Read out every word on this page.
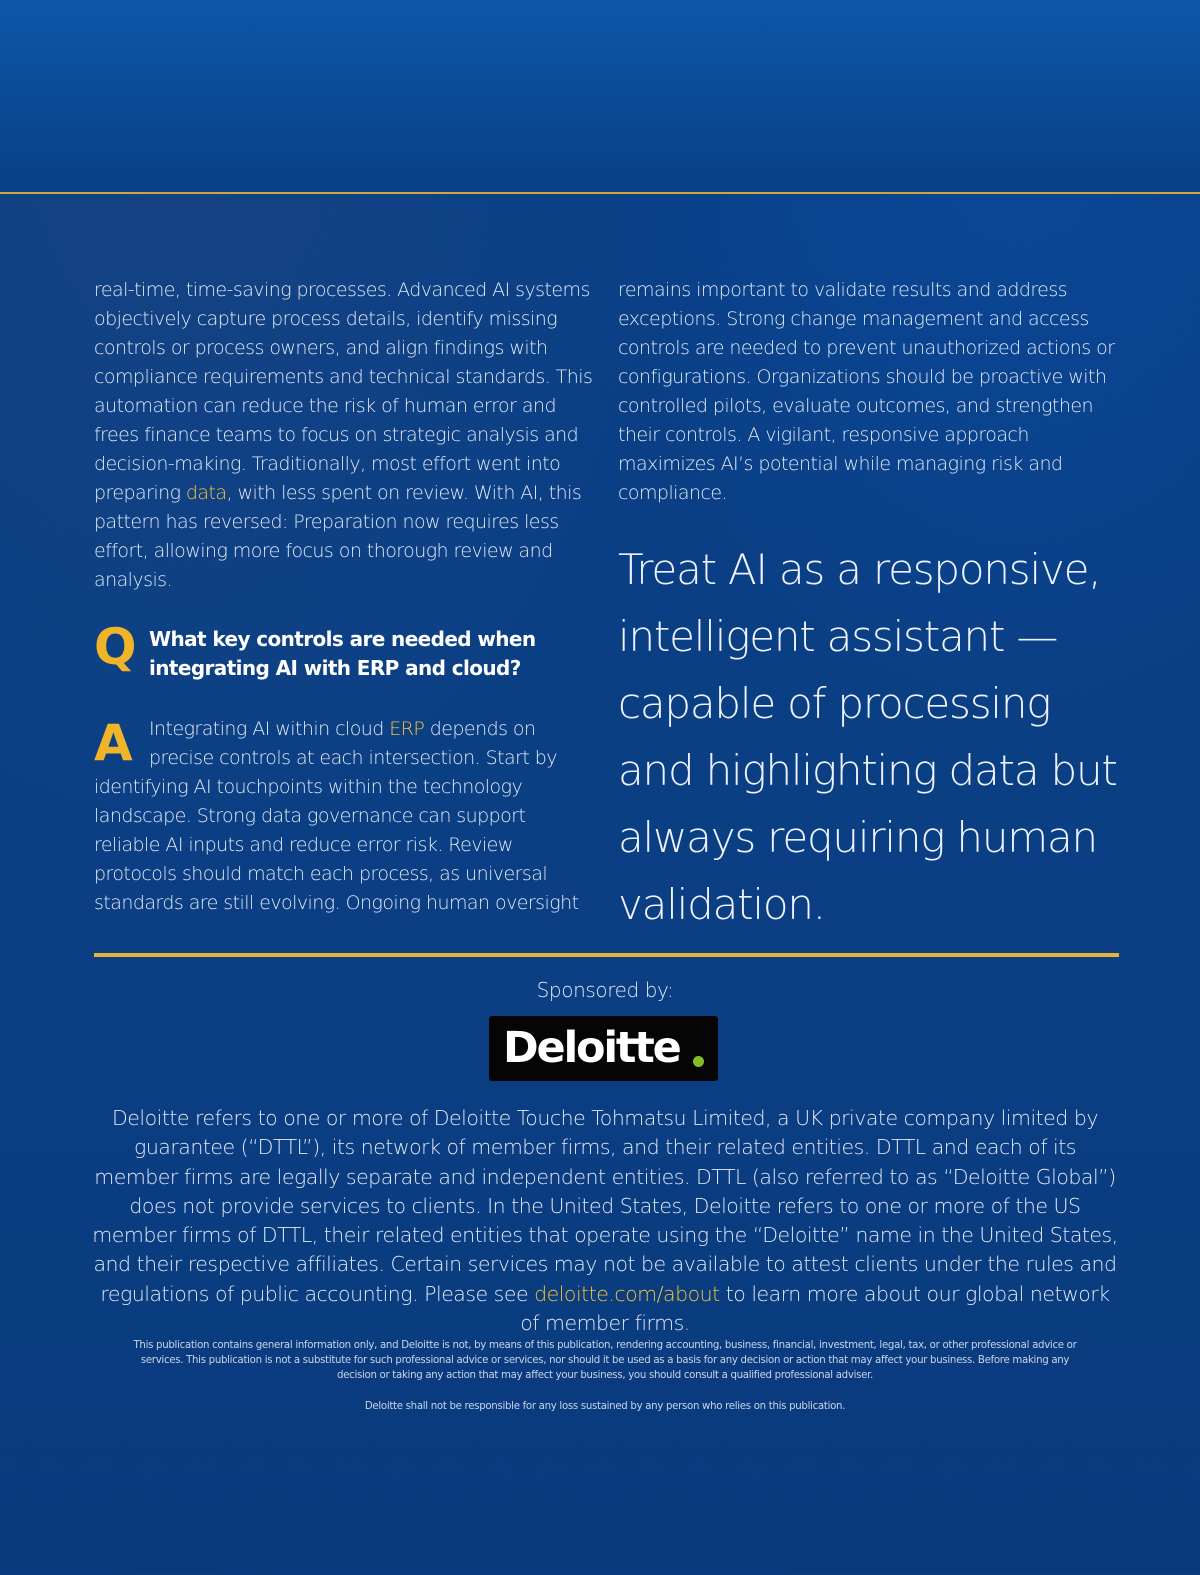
real-time, time-saving processes. Advanced AI systems objectively capture process details, identify missing controls or process owners, and align findings with compliance requirements and technical standards. This automation can reduce the risk of human error and frees finance teams to focus on strategic analysis and decision-making. Traditionally, most effort went into preparing data, with less spent on review. With AI, this pattern has reversed: Preparation now requires less effort, allowing more focus on thorough review and analysis.

Q What key controls are needed when integrating AI with ERP and cloud?
A Integrating AI within cloud ERP depends on precise controls at each intersection. Start by identifying AI touchpoints within the technology landscape. Strong data governance can support reliable AI inputs and reduce error risk. Review protocols should match each process, as universal standards are still evolving. Ongoing human oversight

remains important to validate results and address exceptions. Strong change management and access controls are needed to prevent unauthorized actions or configurations. Organizations should be proactive with controlled pilots, evaluate outcomes, and strengthen their controls. A vigilant, responsive approach maximizes AI’s potential while managing risk and compliance.

Treat AI as a responsive, intelligent assistant — capable of processing and highlighting data but always requiring human validation.

Sponsored by:
Deloitte

Deloitte refers to one or more of Deloitte Touche Tohmatsu Limited, a UK private company limited by guarantee (“DTTL”), its network of member firms, and their related entities. DTTL and each of its member firms are legally separate and independent entities. DTTL (also referred to as “Deloitte Global”) does not provide services to clients. In the United States, Deloitte refers to one or more of the US member firms of DTTL, their related entities that operate using the “Deloitte” name in the United States, and their respective affiliates. Certain services may not be available to attest clients under the rules and regulations of public accounting. Please see deloitte.com/about to learn more about our global network of member firms.

This publication contains general information only, and Deloitte is not, by means of this publication, rendering accounting, business, financial, investment, legal, tax, or other professional advice or services. This publication is not a substitute for such professional advice or services, nor should it be used as a basis for any decision or action that may affect your business. Before making any decision or taking any action that may affect your business, you should consult a qualified professional adviser.

Deloitte shall not be responsible for any loss sustained by any person who relies on this publication.
